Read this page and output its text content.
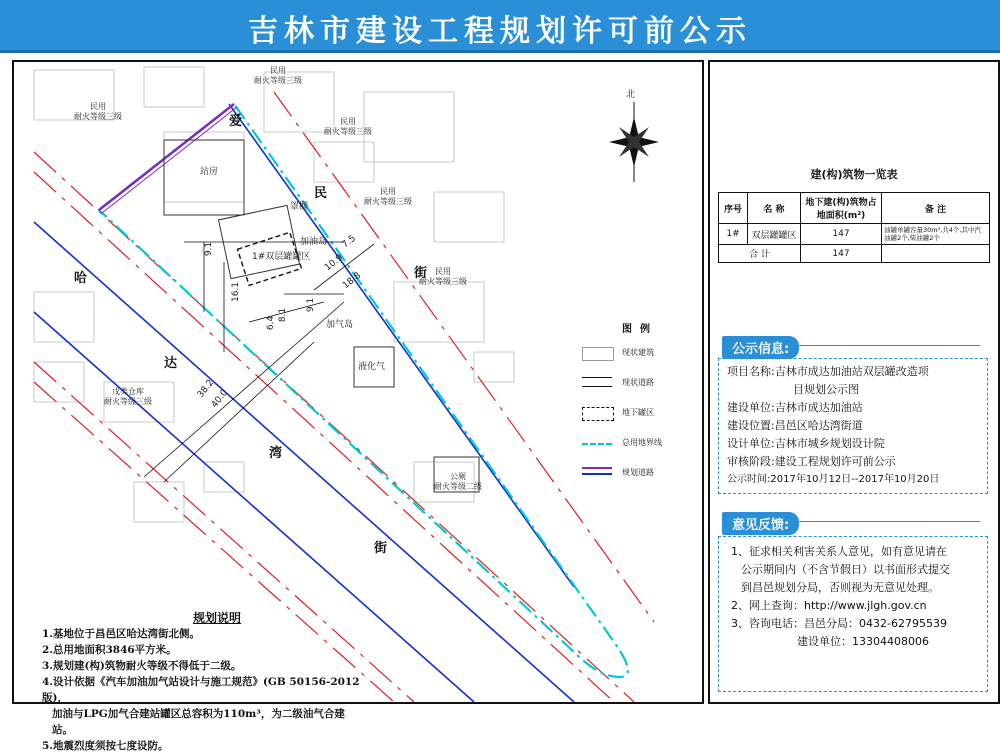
吉林市建设工程规划许可前公示
北
爱
民
街
哈
达
湾
街
民用
耐火等级三级
民用
耐火等级三级
民用
耐火等级三级
民用
耐火等级三级
民用
耐火等级三级
站房
罩棚
加油岛
1#双层罐罐区
加气岛
液化气
公厕
耐火等级二级
戊类仓库
耐火等级三级
9.1
16.1
10.9
7.5
18.8
9.1
8.1
6.4
38.2
40.0
图例
现状建筑
现状道路
地下罐区
总用地界线
规划道路
规划说明
1.基地位于昌邑区哈达湾街北侧。
2.总用地面积3846平方米。
3.规划建(构)筑物耐火等级不得低于二级。
4.设计依据《汽车加油加气站设计与施工规范》(GB 50156-2012版)，
加油与LPG加气合建站罐区总容积为110m³，为二级油气合建站。
5.地震烈度须按七度设防。
建(构)筑物一览表
序号	名 称	地下建(构)筑物占地面积(m²)	备 注
1#	双层罐罐区	147	油罐单罐容量30m³,共4个,其中汽油罐2个,柴油罐2个
合 计		147	
公示信息:
项目名称:吉林市成达加油站双层罐改造项
目规划公示图
建设单位:吉林市成达加油站
建设位置:昌邑区哈达湾街道
设计单位:吉林市城乡规划设计院
审核阶段:建设工程规划许可前公示
公示时间:2017年10月12日--2017年10月20日
意见反馈:
1、征求相关利害关系人意见，如有意见请在
公示期间内（不含节假日）以书面形式提交
到昌邑规划分局，否则视为无意见处理。
2、网上查询：http://www.jlgh.gov.cn
3、咨询电话：昌邑分局：0432-62795539
建设单位：13304408006
